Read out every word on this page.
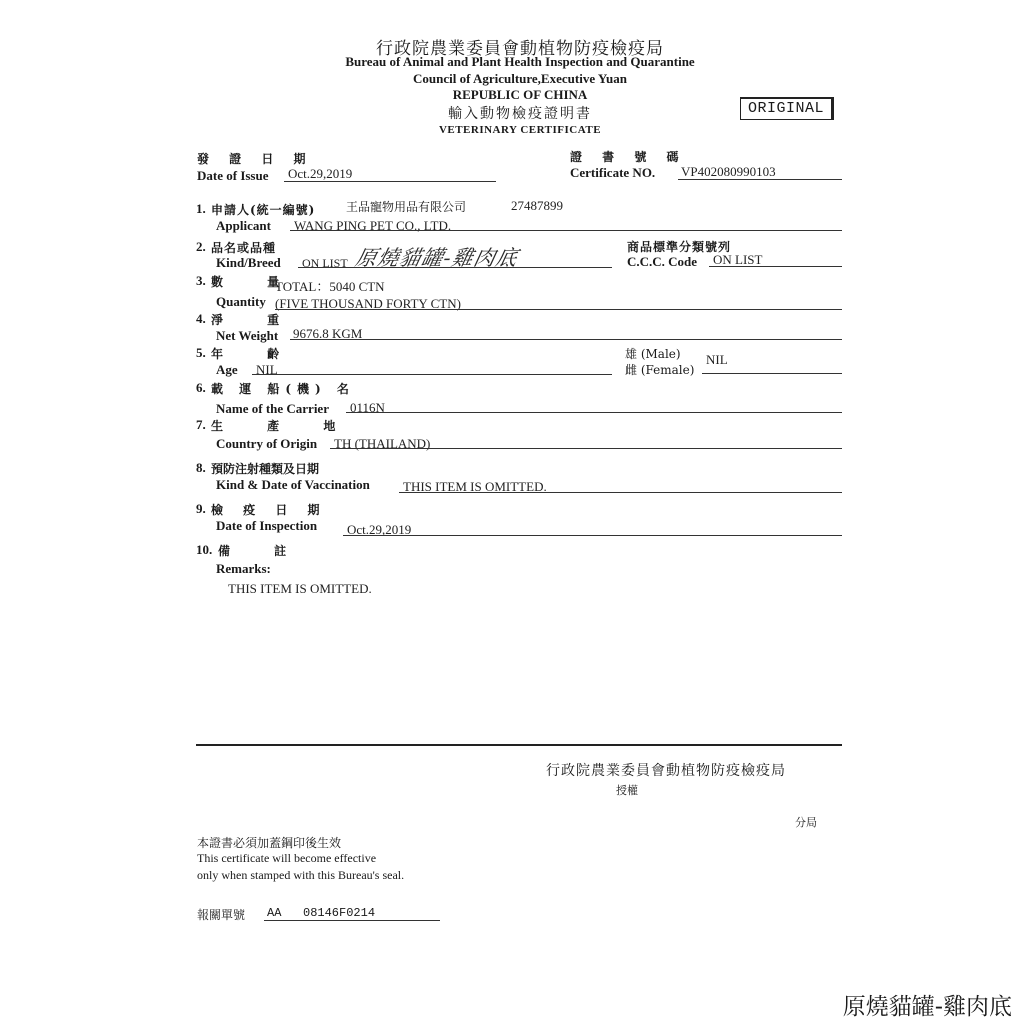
行政院農業委員會動植物防疫檢疫局
Bureau of Animal and Plant Health Inspection and Quarantine
Council of Agriculture,Executive Yuan
REPUBLIC OF CHINA
輸入動物檢疫證明書
VETERINARY CERTIFICATE
ORIGINAL
發 證 日 期
Date of Issue Oct.29,2019
證 書 號 碼
Certificate NO. VP402080990103
1. 申請人(統一編號)	王品寵物用品有限公司	27487899
Applicant WANG PING PET CO., LTD.
2. 品名或品種
Kind/Breed ON LIST 原燒貓罐-雞肉底	商品標準分類號列
C.C.C. Code ON LIST
3. 數 量
TOTAL：5040 CTN
Quantity (FIVE THOUSAND FORTY CTN)
4. 淨 重
Net Weight 9676.8 KGM
5. 年 齡
Age NIL
雄 (Male)
雌 (Female)
NIL
6. 載 運 船(機) 名
Name of the Carrier 0116N
7. 生 產 地
Country of Origin TH (THAILAND)
8. 預防注射種類及日期
Kind & Date of Vaccination	THIS ITEM IS OMITTED.
9. 檢 疫 日 期
Date of Inspection Oct.29,2019
10. 備 註
Remarks:
THIS ITEM IS OMITTED.
行政院農業委員會動植物防疫檢疫局
授權
分局
本證書必須加蓋鋼印後生效
This certificate will become effective
only when stamped with this Bureau's seal.
報關單號 AA   08146F0214
原燒貓罐-雞肉底
